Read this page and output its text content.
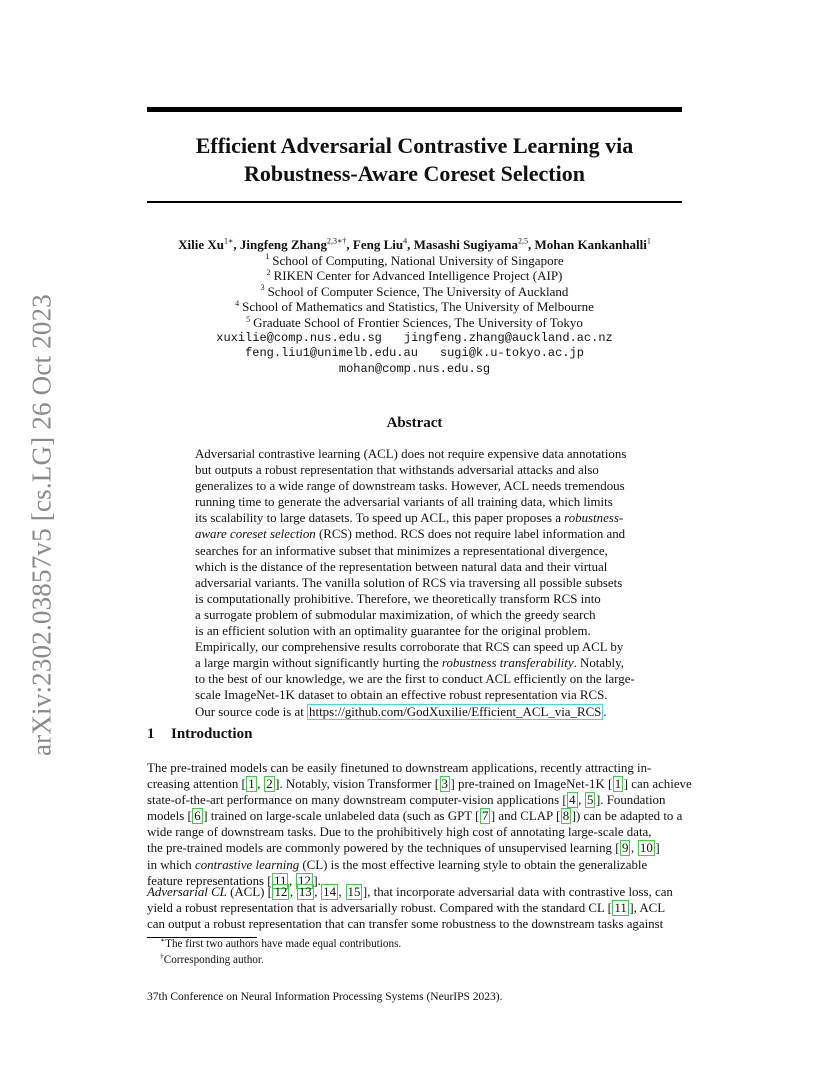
arXiv:2302.03857v5 [cs.LG] 26 Oct 2023
Efficient Adversarial Contrastive Learning via
Robustness-Aware Coreset Selection
Xilie $Xu^{1∗}$, Jingfeng Zhang$^{2,3∗\dagger}$, Feng Liu$^4$, Masashi Sugiyama$^{2,5}$, Mohan Kankanhalli$^1$
$^1$ School of Computing, National University of Singapore
$^2$ RIKEN Center for Advanced Intelligence Project (AIP)
$^3$ School of Computer Science, The University of Auckland
$^4$ School of Mathematics and Statistics, The University of Melbourne
$^5$ Graduate School of Frontier Sciences, The University of Tokyo
xuxilie@comp.nus.edu.sg jingfeng.zhang@auckland.ac.nz
feng.liu1@unimelb.edu.au sugi@k.u-tokyo.ac.jp
mohan@comp.nus.edu.sg
Abstract
Adversarial contrastive learning (ACL) does not require expensive data annotations
but outputs a robust representation that withstands adversarial attacks and also
generalizes to a wide range of downstream tasks. However, ACL needs tremendous
running time to generate the adversarial variants of all training data, which limits
its scalability to large datasets. To speed up ACL, this paper proposes a robustness-
aware coreset selection (RCS) method. RCS does not require label information and
searches for an informative subset that minimizes a representational divergence,
which is the distance of the representation between natural data and their virtual
adversarial variants. The vanilla solution of RCS via traversing all possible subsets
is computationally prohibitive. Therefore, we theoretically transform RCS into
a surrogate problem of submodular maximization, of which the greedy search
is an efficient solution with an optimality guarantee for the original problem.
Empirically, our comprehensive results corroborate that RCS can speed up ACL by
a large margin without significantly hurting the robustness transferability. Notably,
to the best of our knowledge, we are the first to conduct ACL efficiently on the large-
scale ImageNet-1K dataset to obtain an effective robust representation via RCS.
Our source code is at https://github.com/GodXuxilie/Efficient_ACL_via_RCS .
1 Introduction
The pre-trained models can be easily finetuned to downstream applications, recently attracting in-
creasing attention [ 1 , 2 ]. Notably, vision Transformer [ 3 ] pre-trained on ImageNet-1K [ 1 ] can achieve
state-of-the-art performance on many downstream computer-vision applications [ 4 , 5 ]. Foundation
models [ 6 ] trained on large-scale unlabeled data (such as GPT [ 7 ] and CLAP [ 8 ]) can be adapted to a
wide range of downstream tasks. Due to the prohibitively high cost of annotating large-scale data,
the pre-trained models are commonly powered by the techniques of unsupervised learning [ 9 , 10 ]
in which contrastive learning (CL) is the most effective learning style to obtain the generalizable
feature representations [ 11 , 12 ].
Adversarial CL (ACL) [ 12 , 13 , 14 , 15 ], that incorporate adversarial data with contrastive loss, can
yield a robust representation that is adversarially robust. Compared with the standard CL [ 11 ], ACL
can output a robust representation that can transfer some robustness to the downstream tasks against
∗The first two authors have made equal contributions.
†Corresponding author.
37th Conference on Neural Information Processing Systems (NeurIPS 2023).
